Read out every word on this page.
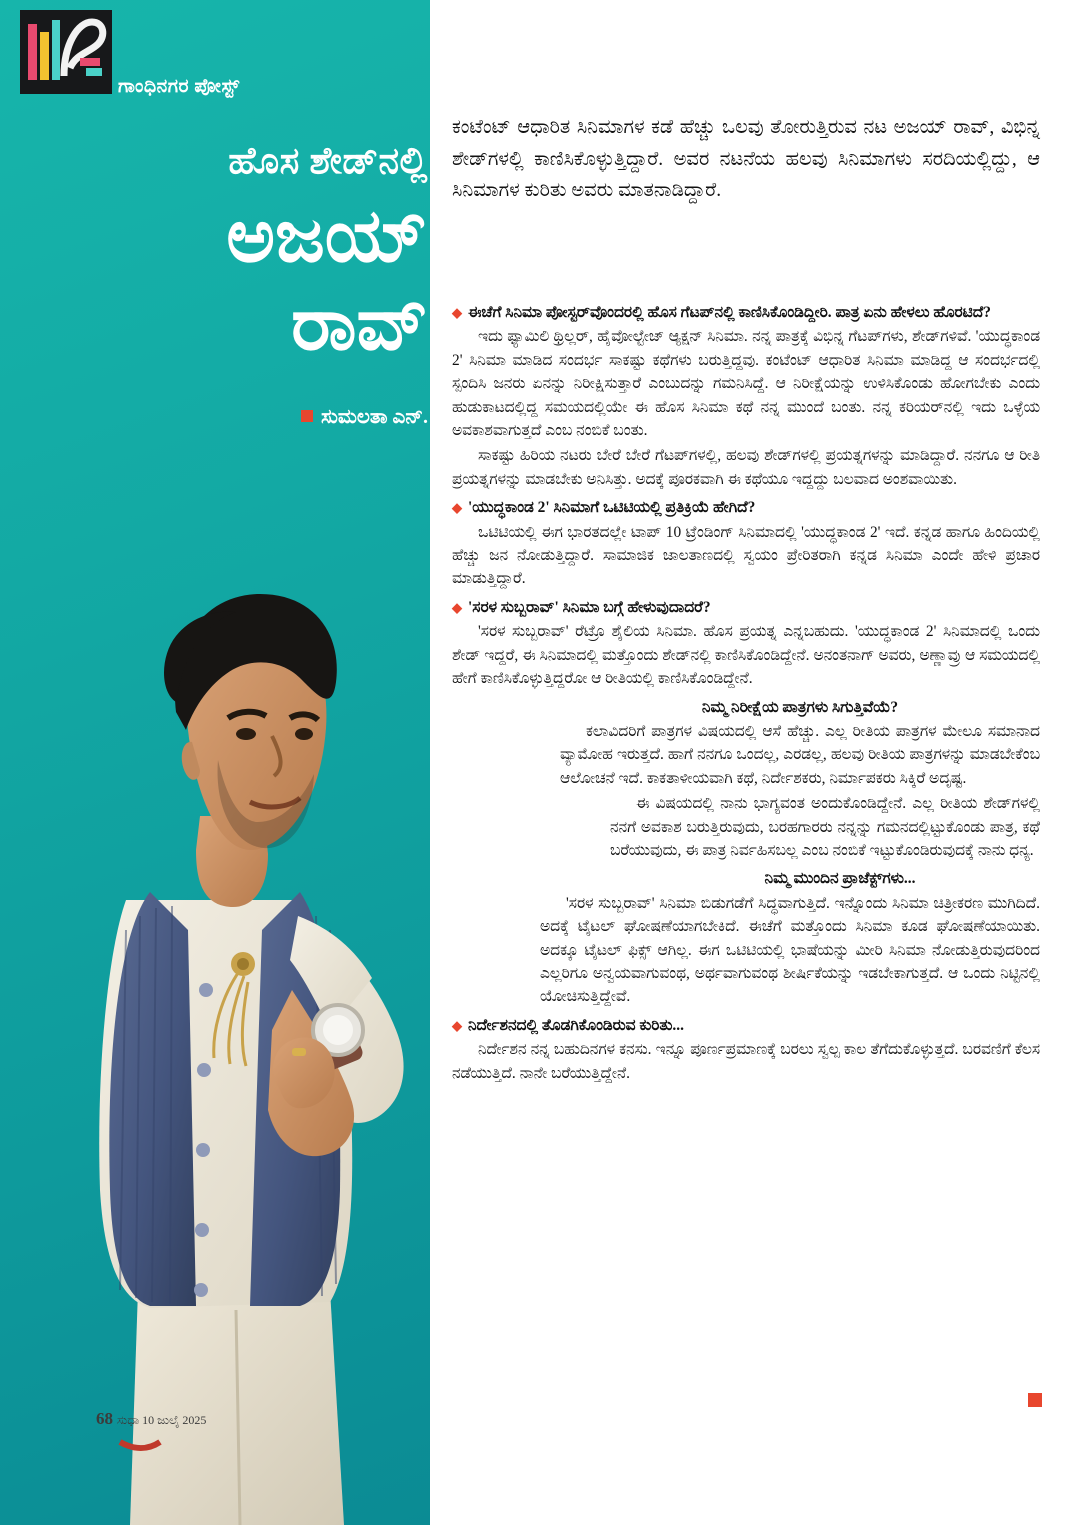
ಗಾಂಧಿನಗರ ಪೋಸ್ಟ್
ಹೊಸ ಶೇಡ್‌ನಲ್ಲಿ
ಅಜಯ್
ರಾವ್
ಸುಮಲತಾ ಎನ್.
68 ಸುಧಾ 10 ಜುಲೈ 2025
ಕಂಟೆಂಟ್ ಆಧಾರಿತ ಸಿನಿಮಾಗಳ ಕಡೆ ಹೆಚ್ಚು ಒಲವು ತೋರುತ್ತಿರುವ ನಟ ಅಜಯ್ ರಾವ್, ವಿಭಿನ್ನ ಶೇಡ್‌ಗಳಲ್ಲಿ ಕಾಣಿಸಿಕೊಳ್ಳುತ್ತಿದ್ದಾರೆ. ಅವರ ನಟನೆಯ ಹಲವು ಸಿನಿಮಾಗಳು ಸರದಿಯಲ್ಲಿದ್ದು, ಆ ಸಿನಿಮಾಗಳ ಕುರಿತು ಅವರು ಮಾತನಾಡಿದ್ದಾರೆ.

◆ ಈಚೆಗೆ ಸಿನಿಮಾ ಪೋಸ್ಟರ್‌ವೊಂದರಲ್ಲಿ ಹೊಸ ಗೆಟಪ್‌ನಲ್ಲಿ ಕಾಣಿಸಿಕೊಂಡಿದ್ದೀರಿ. ಪಾತ್ರ ಏನು ಹೇಳಲು ಹೊರಟಿದೆ?

ಇದು ಫ್ಯಾಮಿಲಿ ಥ್ರಿಲ್ಲರ್, ಹೈವೋಲ್ಟೇಜ್ ಆ್ಯಕ್ಷನ್ ಸಿನಿಮಾ. ನನ್ನ ಪಾತ್ರಕ್ಕೆ ವಿಭಿನ್ನ ಗೆಟಪ್‌ಗಳು, ಶೇಡ್‌ಗಳಿವೆ. 'ಯುದ್ಧಕಾಂಡ 2' ಸಿನಿಮಾ ಮಾಡಿದ ಸಂದರ್ಭ ಸಾಕಷ್ಟು ಕಥೆಗಳು ಬರುತ್ತಿದ್ದವು. ಕಂಟೆಂಟ್ ಆಧಾರಿತ ಸಿನಿಮಾ ಮಾಡಿದ್ದ ಆ ಸಂದರ್ಭದಲ್ಲಿ ಸ್ಪಂದಿಸಿ ಜನರು ಏನನ್ನು ನಿರೀಕ್ಷಿಸುತ್ತಾರೆ ಎಂಬುದನ್ನು ಗಮನಿಸಿದ್ದೆ. ಆ ನಿರೀಕ್ಷೆಯನ್ನು ಉಳಿಸಿಕೊಂಡು ಹೋಗಬೇಕು ಎಂದು ಹುಡುಕಾಟದಲ್ಲಿದ್ದ ಸಮಯದಲ್ಲಿಯೇ ಈ ಹೊಸ ಸಿನಿಮಾ ಕಥೆ ನನ್ನ ಮುಂದೆ ಬಂತು. ನನ್ನ ಕರಿಯರ್‌ನಲ್ಲಿ ಇದು ಒಳ್ಳೆಯ ಅವಕಾಶವಾಗುತ್ತದೆ ಎಂಬ ನಂಬಿಕೆ ಬಂತು.

ಸಾಕಷ್ಟು ಹಿರಿಯ ನಟರು ಬೇರೆ ಬೇರೆ ಗೆಟಪ್‌ಗಳಲ್ಲಿ, ಹಲವು ಶೇಡ್‌ಗಳಲ್ಲಿ ಪ್ರಯತ್ನಗಳನ್ನು ಮಾಡಿದ್ದಾರೆ. ನನಗೂ ಆ ರೀತಿ ಪ್ರಯತ್ನಗಳನ್ನು ಮಾಡಬೇಕು ಅನಿಸಿತ್ತು. ಅದಕ್ಕೆ ಪೂರಕವಾಗಿ ಈ ಕಥೆಯೂ ಇದ್ದದ್ದು ಬಲವಾದ ಅಂಶವಾಯಿತು.

◆ 'ಯುದ್ಧಕಾಂಡ 2' ಸಿನಿಮಾಗೆ ಒಟಿಟಿಯಲ್ಲಿ ಪ್ರತಿಕ್ರಿಯೆ ಹೇಗಿದೆ?

ಒಟಿಟಿಯಲ್ಲಿ ಈಗ ಭಾರತದಲ್ಲೇ ಟಾಪ್ 10 ಟ್ರೆಂಡಿಂಗ್ ಸಿನಿಮಾದಲ್ಲಿ 'ಯುದ್ಧಕಾಂಡ 2' ಇದೆ. ಕನ್ನಡ ಹಾಗೂ ಹಿಂದಿಯಲ್ಲಿ ಹೆಚ್ಚು ಜನ ನೋಡುತ್ತಿದ್ದಾರೆ. ಸಾಮಾಜಿಕ ಜಾಲತಾಣದಲ್ಲಿ ಸ್ವಯಂ ಪ್ರೇರಿತರಾಗಿ ಕನ್ನಡ ಸಿನಿಮಾ ಎಂದೇ ಹೇಳಿ ಪ್ರಚಾರ ಮಾಡುತ್ತಿದ್ದಾರೆ.

◆ 'ಸರಳ ಸುಬ್ಬರಾವ್' ಸಿನಿಮಾ ಬಗ್ಗೆ ಹೇಳುವುದಾದರೆ?

'ಸರಳ ಸುಬ್ಬರಾವ್' ರೆಟ್ರೊ ಶೈಲಿಯ ಸಿನಿಮಾ. ಹೊಸ ಪ್ರಯತ್ನ ಎನ್ನಬಹುದು. 'ಯುದ್ಧಕಾಂಡ 2' ಸಿನಿಮಾದಲ್ಲಿ ಒಂದು ಶೇಡ್ ಇದ್ದರೆ, ಈ ಸಿನಿಮಾದಲ್ಲಿ ಮತ್ತೊಂದು ಶೇಡ್‌ನಲ್ಲಿ ಕಾಣಿಸಿಕೊಂಡಿದ್ದೇನೆ. ಅನಂತನಾಗ್ ಅವರು, ಅಣ್ಣಾವ್ರು ಆ ಸಮಯದಲ್ಲಿ ಹೇಗೆ ಕಾಣಿಸಿಕೊಳ್ಳುತ್ತಿದ್ದರೋ ಆ ರೀತಿಯಲ್ಲಿ ಕಾಣಿಸಿಕೊಂಡಿದ್ದೇನೆ.

ನಿಮ್ಮ ನಿರೀಕ್ಷೆಯ ಪಾತ್ರಗಳು ಸಿಗುತ್ತಿವೆಯೆ?

ಕಲಾವಿದರಿಗೆ ಪಾತ್ರಗಳ ವಿಷಯದಲ್ಲಿ ಆಸೆ ಹೆಚ್ಚು. ಎಲ್ಲ ರೀತಿಯ ಪಾತ್ರಗಳ ಮೇಲೂ ಸಮಾನಾದ ವ್ಯಾಮೋಹ ಇರುತ್ತದೆ. ಹಾಗೆ ನನಗೂ ಒಂದಲ್ಲ, ಎರಡಲ್ಲ, ಹಲವು ರೀತಿಯ ಪಾತ್ರಗಳನ್ನು ಮಾಡಬೇಕೆಂಬ ಆಲೋಚನೆ ಇದೆ. ಕಾಕತಾಳೀಯವಾಗಿ ಕಥೆ, ನಿರ್ದೇಶಕರು, ನಿರ್ಮಾಪಕರು ಸಿಕ್ಕಿರೆ ಅದೃಷ್ಟ.

ಈ ವಿಷಯದಲ್ಲಿ ನಾನು ಭಾಗ್ಯವಂತ ಅಂದುಕೊಂಡಿದ್ದೇನೆ. ಎಲ್ಲ ರೀತಿಯ ಶೇಡ್‌ಗಳಲ್ಲಿ ನನಗೆ ಅವಕಾಶ ಬರುತ್ತಿರುವುದು, ಬರಹಗಾರರು ನನ್ನನ್ನು ಗಮನದಲ್ಲಿಟ್ಟುಕೊಂಡು ಪಾತ್ರ, ಕಥೆ ಬರೆಯುವುದು, ಈ ಪಾತ್ರ ನಿರ್ವಹಿಸಬಲ್ಲ ಎಂಬ ನಂಬಿಕೆ ಇಟ್ಟುಕೊಂಡಿರುವುದಕ್ಕೆ ನಾನು ಧನ್ಯ.

ನಿಮ್ಮ ಮುಂದಿನ ಪ್ರಾಜೆಕ್ಟ್‌ಗಳು...

'ಸರಳ ಸುಬ್ಬರಾವ್' ಸಿನಿಮಾ ಬಿಡುಗಡೆಗೆ ಸಿದ್ಧವಾಗುತ್ತಿದೆ. ಇನ್ನೊಂದು ಸಿನಿಮಾ ಚಿತ್ರೀಕರಣ ಮುಗಿದಿದೆ. ಅದಕ್ಕೆ ಟೈಟಲ್ ಘೋಷಣೆಯಾಗಬೇಕಿದೆ. ಈಚೆಗೆ ಮತ್ತೊಂದು ಸಿನಿಮಾ ಕೂಡ ಘೋಷಣೆಯಾಯಿತು. ಅದಕ್ಕೂ ಟೈಟಲ್ ಫಿಕ್ಸ್ ಆಗಿಲ್ಲ. ಈಗ ಒಟಿಟಿಯಲ್ಲಿ ಭಾಷೆಯನ್ನು ಮೀರಿ ಸಿನಿಮಾ ನೋಡುತ್ತಿರುವುದರಿಂದ ಎಲ್ಲರಿಗೂ ಅನ್ವಯವಾಗುವಂಥ, ಅರ್ಥವಾಗುವಂಥ ಶೀರ್ಷಿಕೆಯನ್ನು ಇಡಬೇಕಾಗುತ್ತದೆ. ಆ ಒಂದು ನಿಟ್ಟಿನಲ್ಲಿ ಯೋಚಿಸುತ್ತಿದ್ದೇವೆ.

◆ ನಿರ್ದೇಶನದಲ್ಲಿ ತೊಡಗಿಕೊಂಡಿರುವ ಕುರಿತು...

ನಿರ್ದೇಶನ ನನ್ನ ಬಹುದಿನಗಳ ಕನಸು. ಇನ್ನೂ ಪೂರ್ಣಪ್ರಮಾಣಕ್ಕೆ ಬರಲು ಸ್ವಲ್ಪ ಕಾಲ ತೆಗೆದುಕೊಳ್ಳುತ್ತದೆ. ಬರವಣಿಗೆ ಕೆಲಸ ನಡೆಯುತ್ತಿದೆ. ನಾನೇ ಬರೆಯುತ್ತಿದ್ದೇನೆ.
